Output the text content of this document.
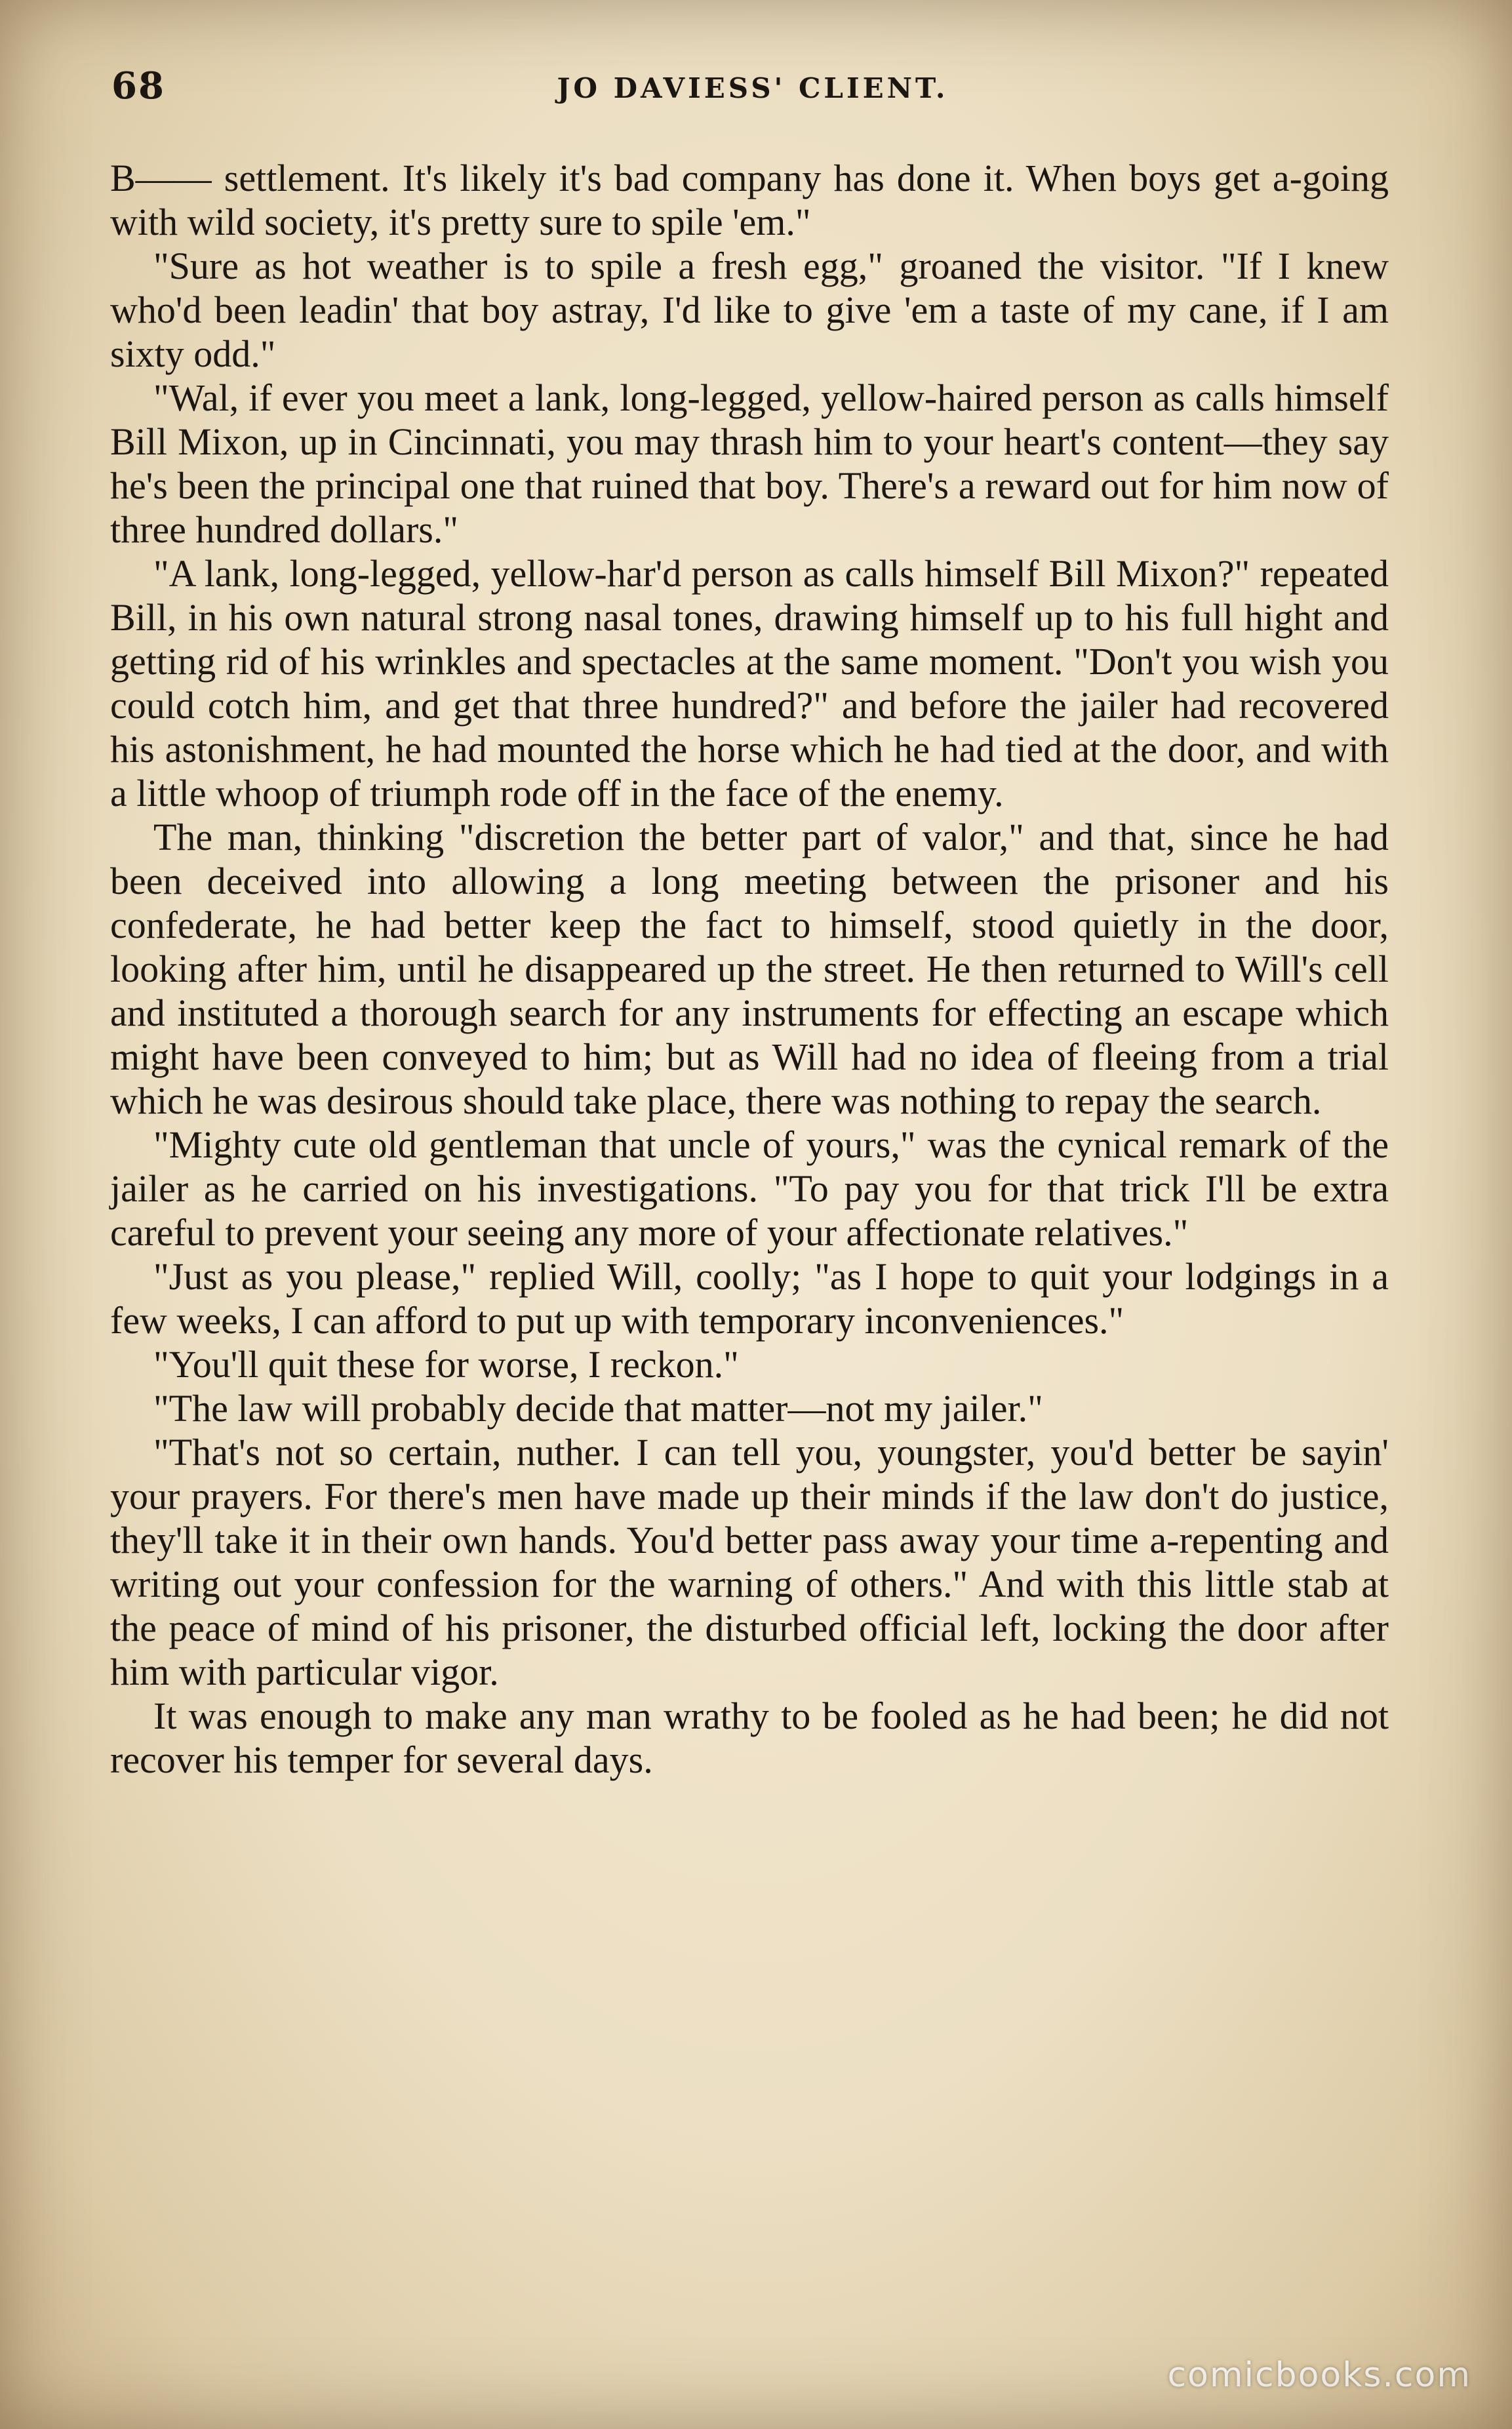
68	JO DAVIESS' CLIENT.

B—— settlement. It's likely it's bad company has done it. When boys get a-going with wild society, it's pretty sure to spile 'em."

"Sure as hot weather is to spile a fresh egg," groaned the visitor. "If I knew who'd been leadin' that boy astray, I'd like to give 'em a taste of my cane, if I am sixty odd."

"Wal, if ever you meet a lank, long-legged, yellow-haired person as calls himself Bill Mixon, up in Cincinnati, you may thrash him to your heart's content—they say he's been the principal one that ruined that boy. There's a reward out for him now of three hundred dollars."

"A lank, long-legged, yellow-har'd person as calls himself Bill Mixon?" repeated Bill, in his own natural strong nasal tones, drawing himself up to his full hight and getting rid of his wrinkles and spectacles at the same moment. "Don't you wish you could cotch him, and get that three hundred?" and before the jailer had recovered his astonishment, he had mounted the horse which he had tied at the door, and with a little whoop of triumph rode off in the face of the enemy.

The man, thinking "discretion the better part of valor," and that, since he had been deceived into allowing a long meeting between the prisoner and his confederate, he had better keep the fact to himself, stood quietly in the door, looking after him, until he disappeared up the street. He then returned to Will's cell and instituted a thorough search for any instruments for effecting an escape which might have been conveyed to him; but as Will had no idea of fleeing from a trial which he was desirous should take place, there was nothing to repay the search.

"Mighty cute old gentleman that uncle of yours," was the cynical remark of the jailer as he carried on his investigations. "To pay you for that trick I'll be extra careful to prevent your seeing any more of your affectionate relatives."

"Just as you please," replied Will, coolly; "as I hope to quit your lodgings in a few weeks, I can afford to put up with temporary inconveniences."

"You'll quit these for worse, I reckon."

"The law will probably decide that matter—not my jailer."

"That's not so certain, nuther. I can tell you, youngster, you'd better be sayin' your prayers. For there's men have made up their minds if the law don't do justice, they'll take it in their own hands. You'd better pass away your time a-repenting and writing out your confession for the warning of others." And with this little stab at the peace of mind of his prisoner, the disturbed official left, locking the door after him with particular vigor.

It was enough to make any man wrathy to be fooled as he had been; he did not recover his temper for several days.

comicbooks.com
